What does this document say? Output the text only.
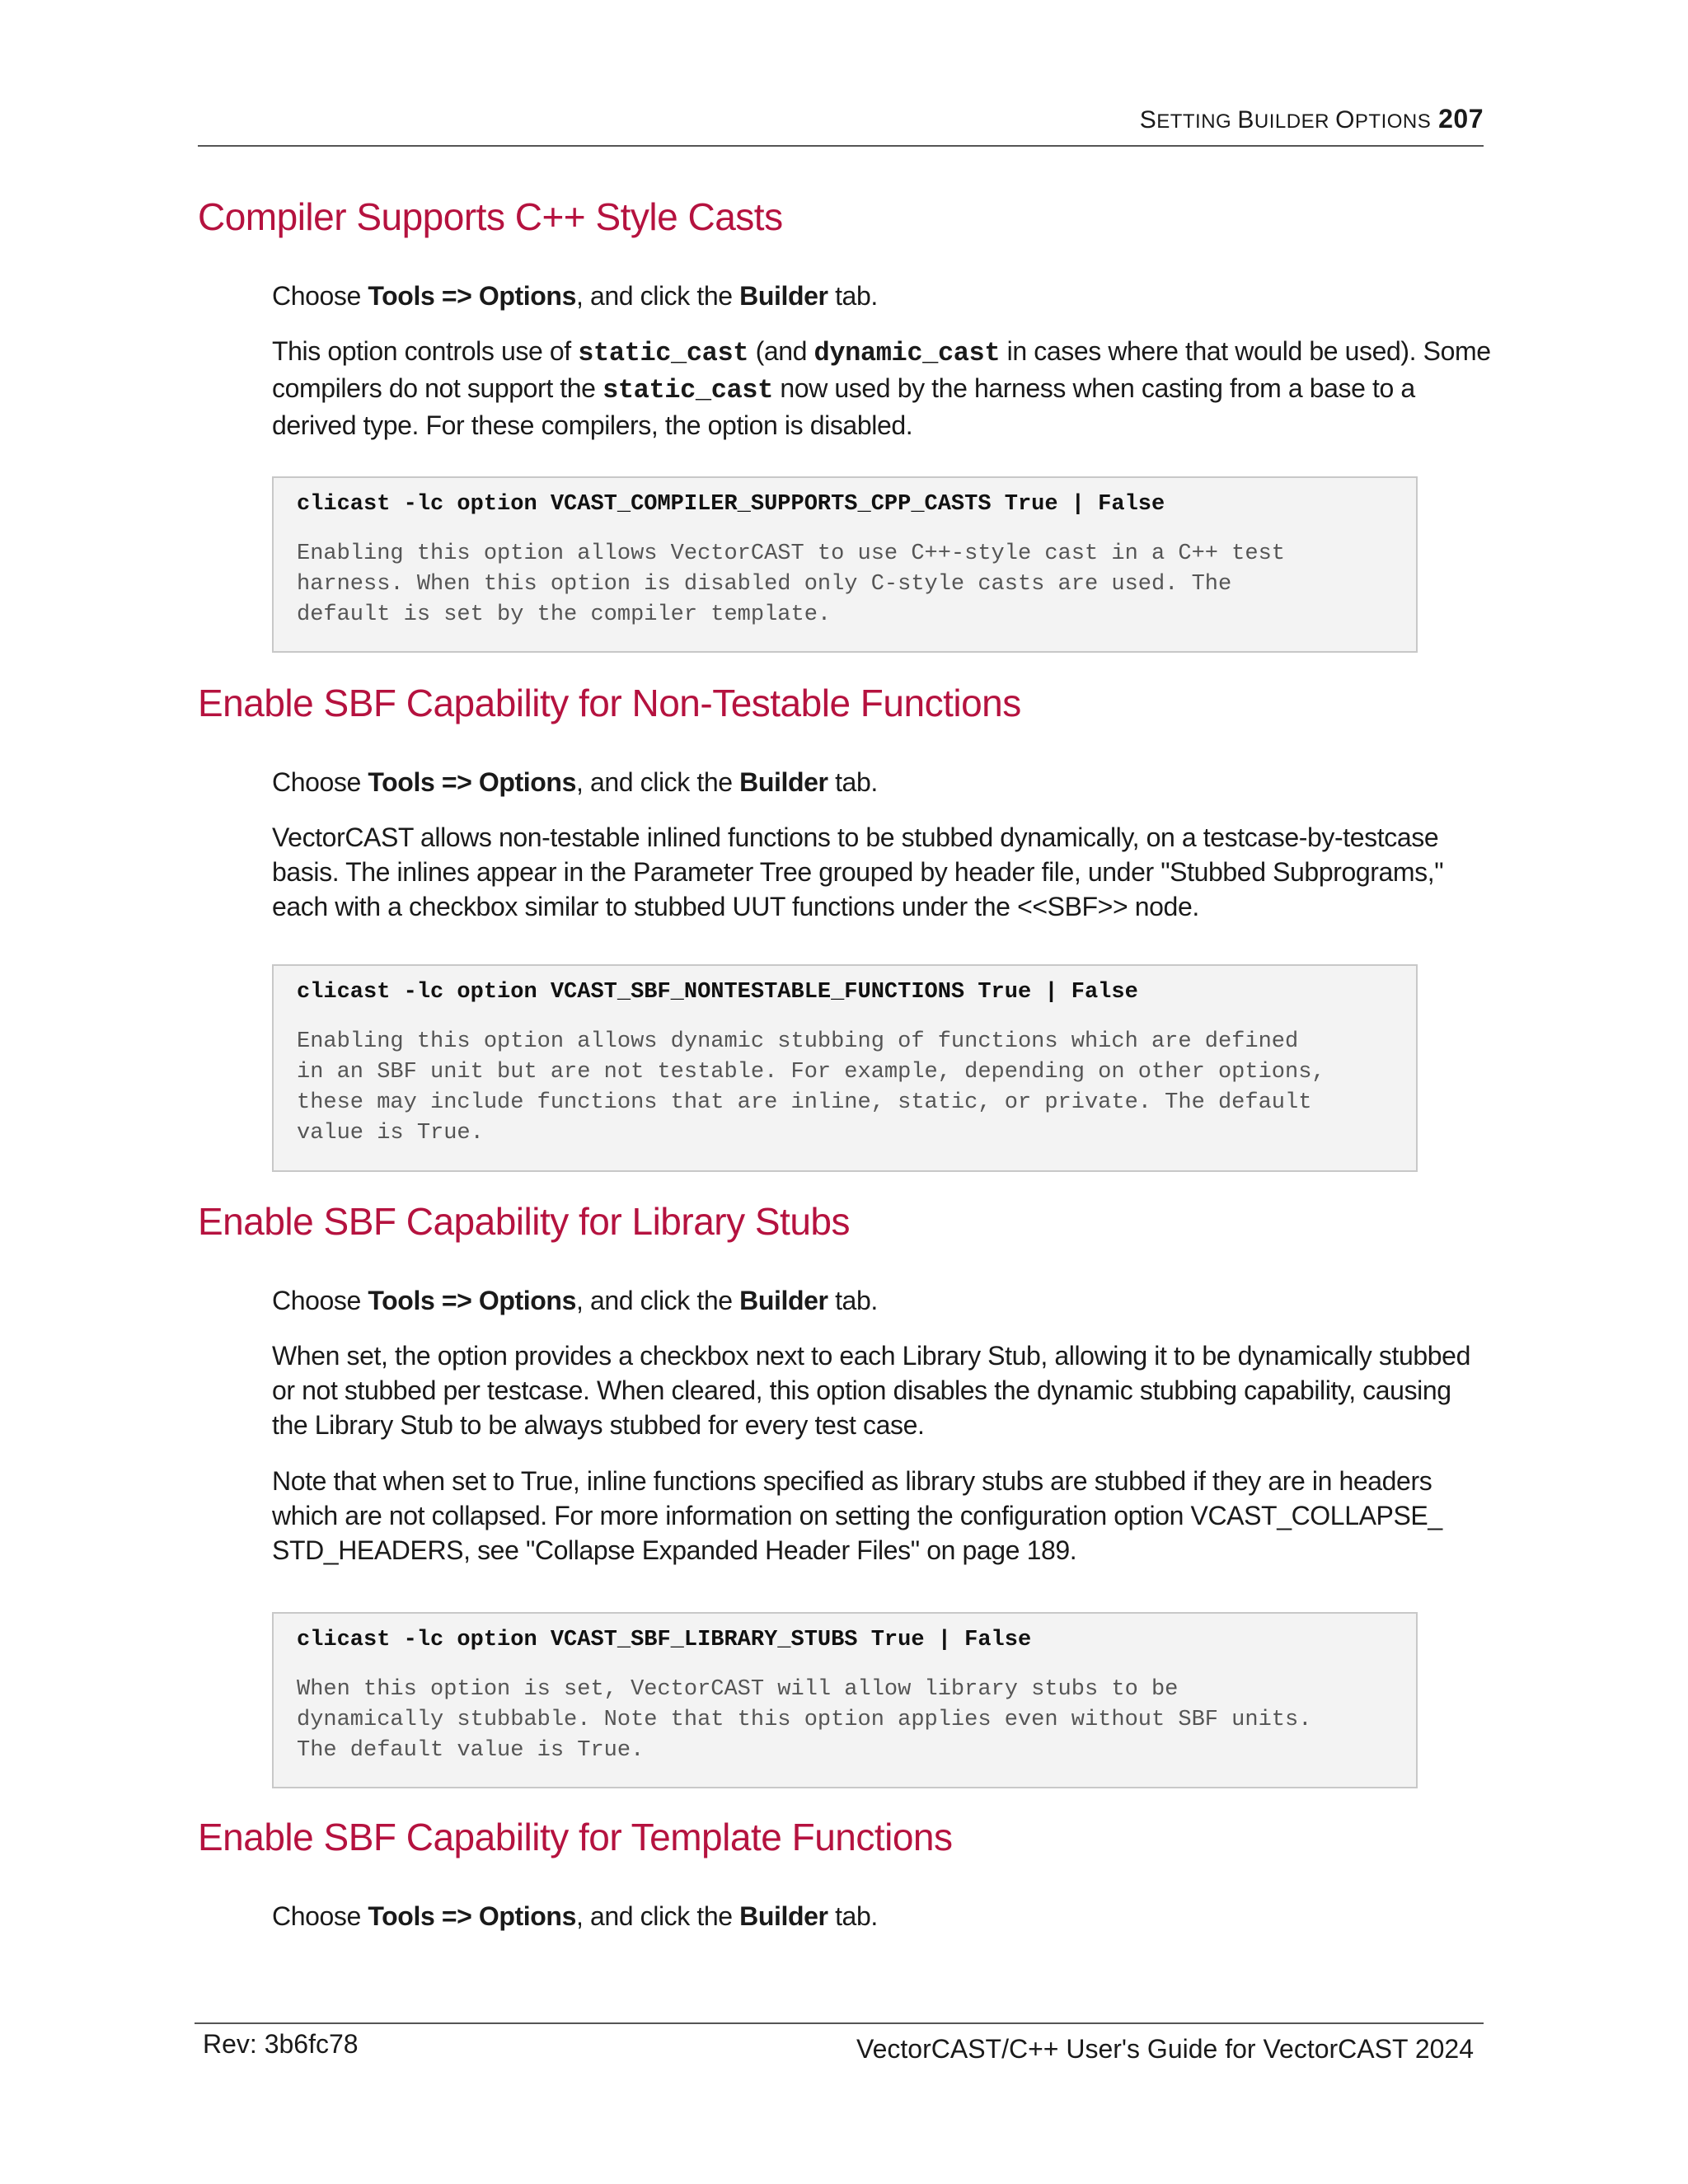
SETTING BUILDER OPTIONS 207
Compiler Supports C++ Style Casts

Choose Tools => Options, and click the Builder tab.

This option controls use of static_cast (and dynamic_cast in cases where that would be used). Some compilers do not support the static_cast now used by the harness when casting from a base to a derived type. For these compilers, the option is disabled.

clicast -lc option VCAST_COMPILER_SUPPORTS_CPP_CASTS True | False
Enabling this option allows VectorCAST to use C++-style cast in a C++ test
harness. When this option is disabled only C-style casts are used. The
default is set by the compiler template.
Enable SBF Capability for Non-Testable Functions

Choose Tools => Options, and click the Builder tab.

VectorCAST allows non-testable inlined functions to be stubbed dynamically, on a testcase-by-testcase basis. The inlines appear in the Parameter Tree grouped by header file, under "Stubbed Subprograms," each with a checkbox similar to stubbed UUT functions under the <<SBF>> node.

clicast -lc option VCAST_SBF_NONTESTABLE_FUNCTIONS True | False
Enabling this option allows dynamic stubbing of functions which are defined
in an SBF unit but are not testable. For example, depending on other options,
these may include functions that are inline, static, or private. The default
value is True.
Enable SBF Capability for Library Stubs

Choose Tools => Options, and click the Builder tab.

When set, the option provides a checkbox next to each Library Stub, allowing it to be dynamically stubbed or not stubbed per testcase. When cleared, this option disables the dynamic stubbing capability, causing the Library Stub to be always stubbed for every test case.

Note that when set to True, inline functions specified as library stubs are stubbed if they are in headers which are not collapsed. For more information on setting the configuration option VCAST_COLLAPSE_ STD_HEADERS, see "Collapse Expanded Header Files" on page 189.

clicast -lc option VCAST_SBF_LIBRARY_STUBS True | False
When this option is set, VectorCAST will allow library stubs to be
dynamically stubbable. Note that this option applies even without SBF units.
The default value is True.
Enable SBF Capability for Template Functions

Choose Tools => Options, and click the Builder tab.

Rev: 3b6fc78	VectorCAST/C++ User's Guide for VectorCAST 2024
